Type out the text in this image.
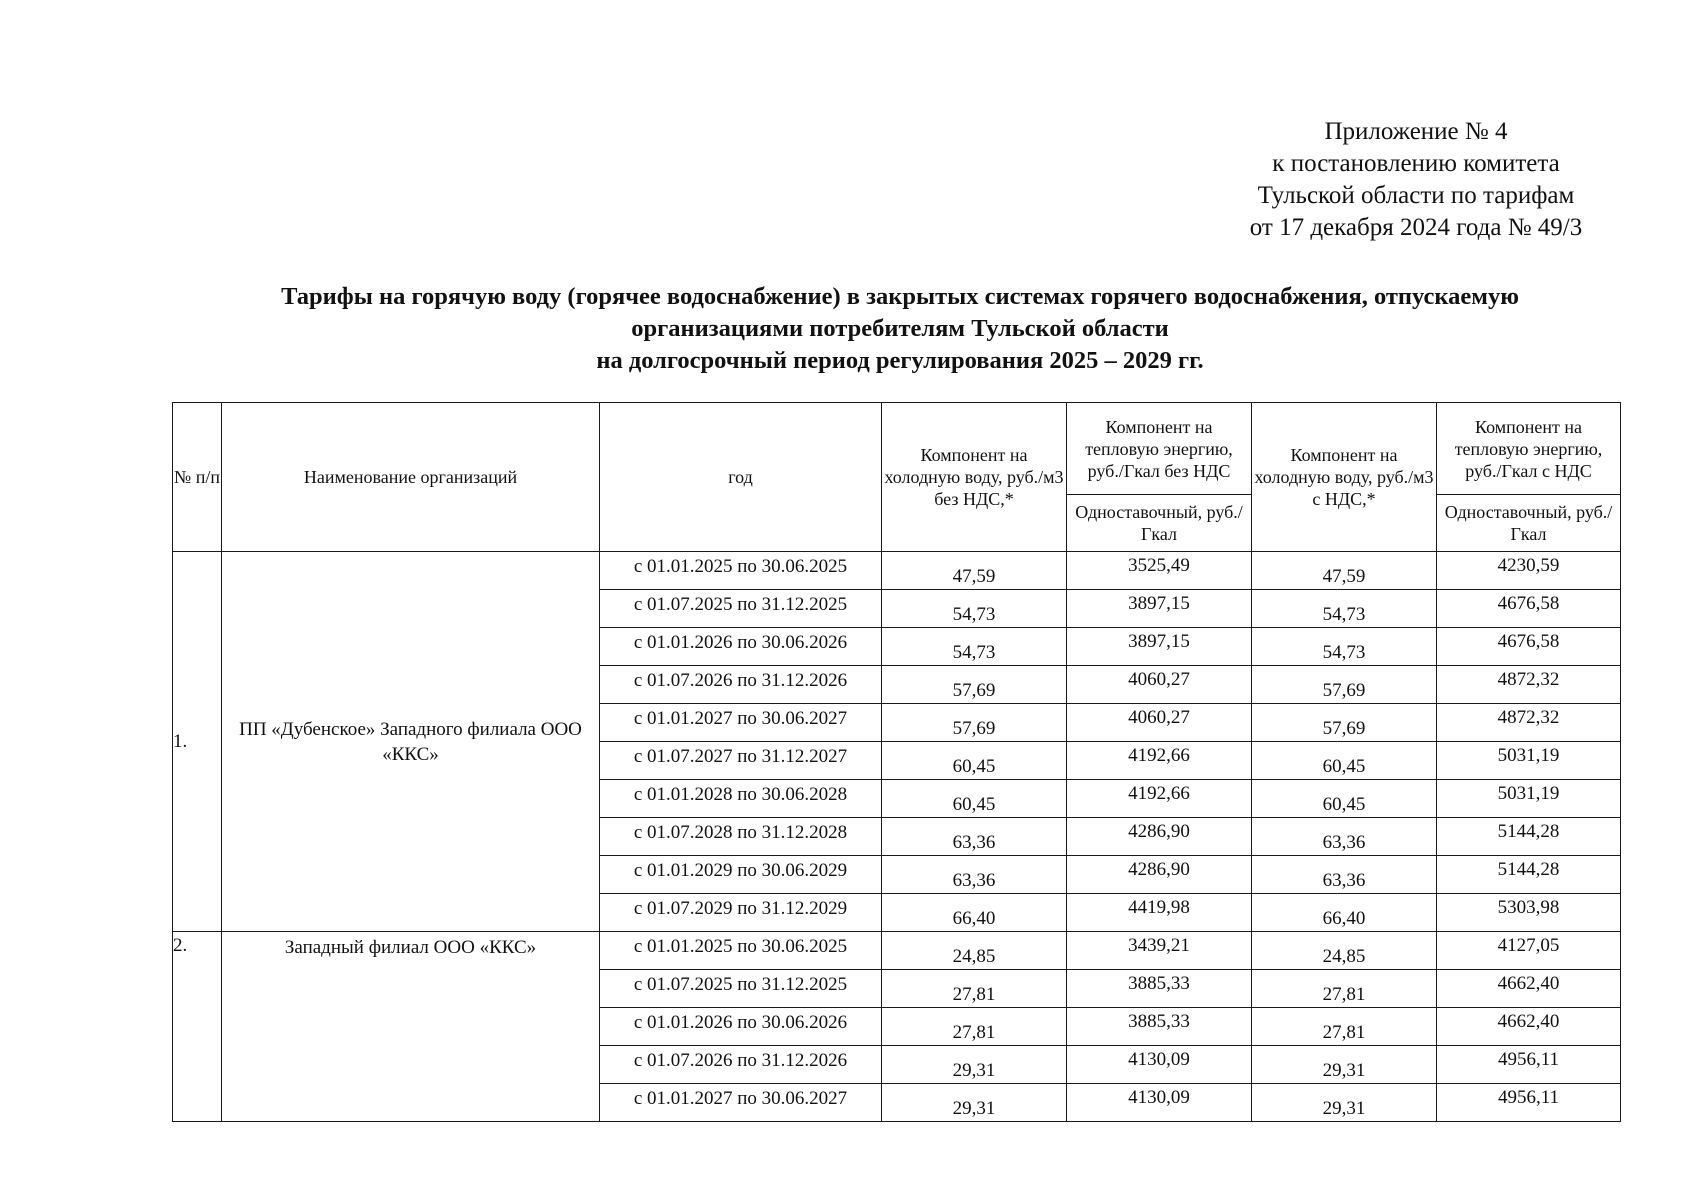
Приложение № 4
к постановлению комитета
Тульской области по тарифам
от 17 декабря 2024 года № 49/3
Тарифы на горячую воду (горячее водоснабжение) в закрытых системах горячего водоснабжения, отпускаемую
организациями потребителям Тульской области
на долгосрочный период регулирования 2025 – 2029 гг.
№ п/п	Наименование организаций	год	Компонент на холодную воду, руб./м3 без НДС,*	Компонент на тепловую энергию, руб./Гкал без НДС	Компонент на холодную воду, руб./м3 с НДС,*	Компонент на тепловую энергию, руб./Гкал с НДС
				Одноставочный, руб./Гкал		Одноставочный, руб./Гкал
1.	ПП «Дубенское» Западного филиала ООО «ККС»	с 01.01.2025 по 30.06.2025	47,59	3525,49	47,59	4230,59
		с 01.07.2025 по 31.12.2025	54,73	3897,15	54,73	4676,58
		с 01.01.2026 по 30.06.2026	54,73	3897,15	54,73	4676,58
		с 01.07.2026 по 31.12.2026	57,69	4060,27	57,69	4872,32
		с 01.01.2027 по 30.06.2027	57,69	4060,27	57,69	4872,32
		с 01.07.2027 по 31.12.2027	60,45	4192,66	60,45	5031,19
		с 01.01.2028 по 30.06.2028	60,45	4192,66	60,45	5031,19
		с 01.07.2028 по 31.12.2028	63,36	4286,90	63,36	5144,28
		с 01.01.2029 по 30.06.2029	63,36	4286,90	63,36	5144,28
		с 01.07.2029 по 31.12.2029	66,40	4419,98	66,40	5303,98
2.	Западный филиал ООО «ККС»	с 01.01.2025 по 30.06.2025	24,85	3439,21	24,85	4127,05
		с 01.07.2025 по 31.12.2025	27,81	3885,33	27,81	4662,40
		с 01.01.2026 по 30.06.2026	27,81	3885,33	27,81	4662,40
		с 01.07.2026 по 31.12.2026	29,31	4130,09	29,31	4956,11
		с 01.01.2027 по 30.06.2027	29,31	4130,09	29,31	4956,11
